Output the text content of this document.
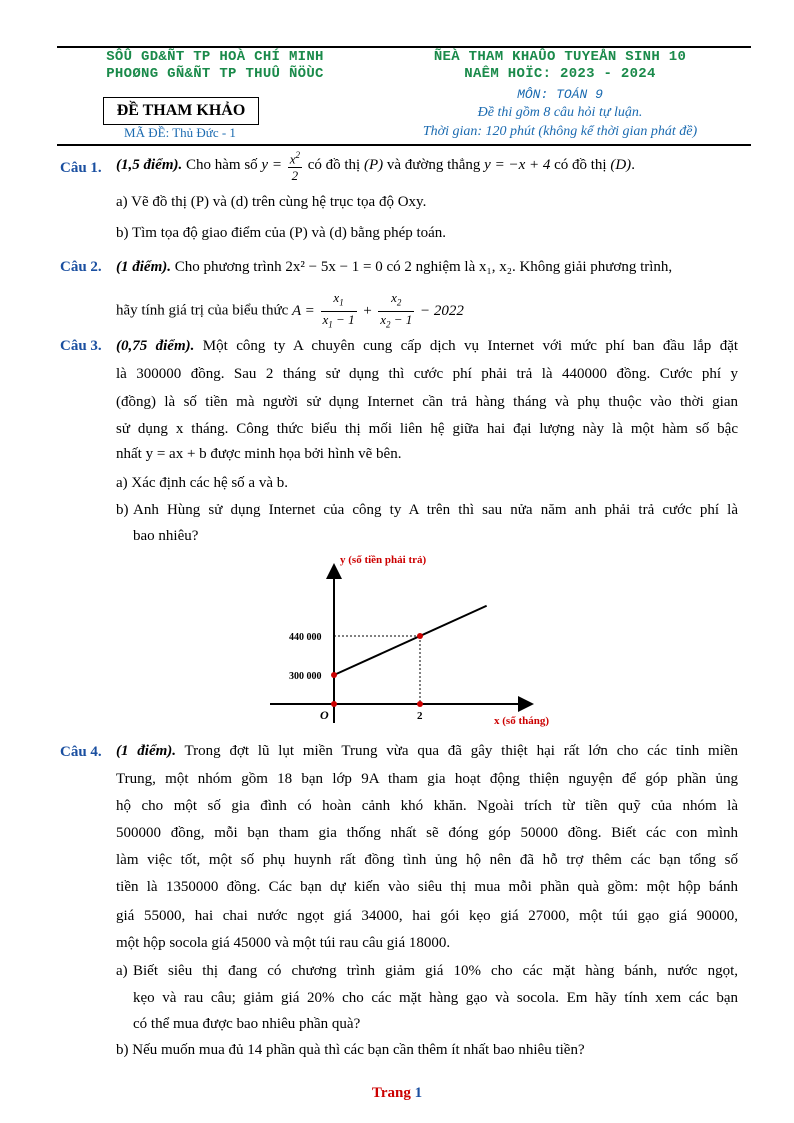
SÔÛ GD&ÑT TP HOÀ CHÍ MINH
PHOØNG GÑ&ÑT TP THUÛ ÑÖÙC
ÑEÀ THAM KHAÛO TUYEÅN SINH 10
NAÊM HOÏC: 2023 - 2024
MÔN: TOÁN 9
Đề thi gồm 8 câu hỏi tự luận.
Thời gian: 120 phút (không kể thời gian phát đề)
ĐỀ THAM KHẢO
MÃ ĐỀ: Thủ Đức - 1
Câu 1. (1,5 điểm). Cho hàm số $y = \frac{x^2}{2}$ có đồ thị (P) và đường thẳng y = −x + 4 có đồ thị (D).
a) Vẽ đồ thị (P) và (d) trên cùng hệ trục tọa độ Oxy.
b) Tìm tọa độ giao điểm của (P) và (d) bằng phép toán.
Câu 2. (1 điểm). Cho phương trình 2x² − 5x − 1 = 0 có 2 nghiệm là x₁, x₂. Không giải phương trình,
hãy tính giá trị của biểu thức $A = \frac{x_1}{x_1 - 1} + \frac{x_2}{x_2 - 1} - 2022$
Câu 3. (0,75 điểm). Một công ty A chuyên cung cấp dịch vụ Internet với mức phí ban đầu lắp đặt
là 300000 đồng. Sau 2 tháng sử dụng thì cước phí phải trả là 440000 đồng. Cước phí y
(đồng) là số tiền mà người sử dụng Internet cần trả hàng tháng và phụ thuộc vào thời gian
sử dụng x tháng. Công thức biểu thị mối liên hệ giữa hai đại lượng này là một hàm số bậc
nhất y = ax + b được minh họa bởi hình vẽ bên.
a) Xác định các hệ số a và b.
b) Anh Hùng sử dụng Internet của công ty A trên thì sau nửa năm anh phải trả cước phí là
bao nhiêu?
300 000
440 000
2
y (số tiền phải trả)
x (số tháng)
O
Câu 4. (1 điểm). Trong đợt lũ lụt miền Trung vừa qua đã gây thiệt hại rất lớn cho các tỉnh miền
Trung, một nhóm gồm 18 bạn lớp 9A tham gia hoạt động thiện nguyện để góp phần ủng
hộ cho một số gia đình có hoàn cảnh khó khăn. Ngoài trích từ tiền quỹ của nhóm là
500000 đồng, mỗi bạn tham gia thống nhất sẽ đóng góp 50000 đồng. Biết các con mình
làm việc tốt, một số phụ huynh rất đồng tình ủng hộ nên đã hỗ trợ thêm các bạn tổng số
tiền là 1350000 đồng. Các bạn dự kiến vào siêu thị mua mỗi phần quà gồm: một hộp bánh
giá 55000, hai chai nước ngọt giá 34000, hai gói kẹo giá 27000, một túi gạo giá 90000,
một hộp socola giá 45000 và một túi rau câu giá 18000.
a) Biết siêu thị đang có chương trình giảm giá 10% cho các mặt hàng bánh, nước ngọt,
kẹo và rau câu; giảm giá 20% cho các mặt hàng gạo và socola. Em hãy tính xem các bạn
có thể mua được bao nhiêu phần quà?
b) Nếu muốn mua đủ 14 phần quà thì các bạn cần thêm ít nhất bao nhiêu tiền?
Trang 1
